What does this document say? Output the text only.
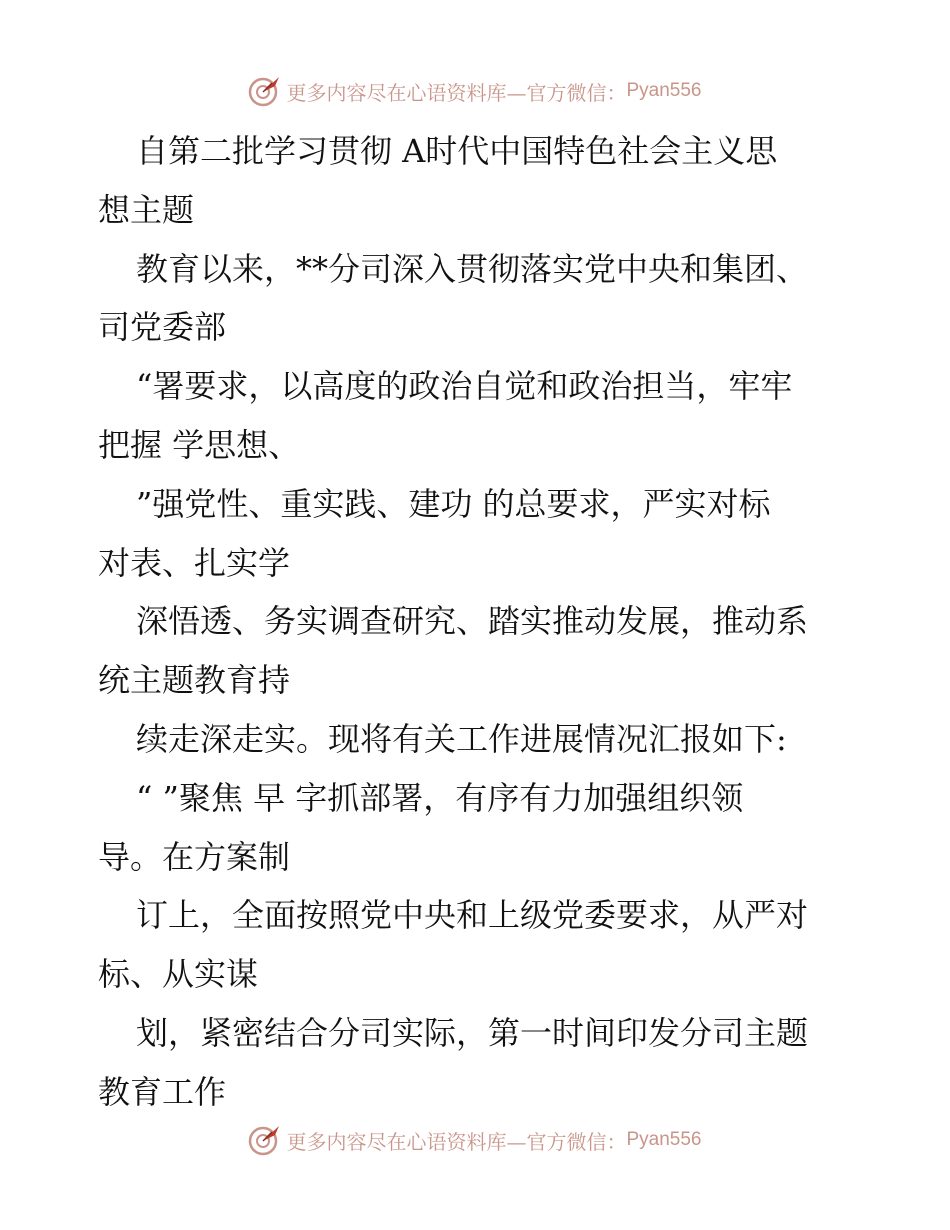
更多内容尽在心语资料库—官方微信： Pyan556
自第二批学习贯彻 A时代中国特色社会主义思
想主题
教育以来，**分司深入贯彻落实党中央和集团、
司党委部
“署要求，以高度的政治自觉和政治担当，牢牢
把握 学思想、
”强党性、重实践、建功 的总要求，严实对标
对表、扎实学
深悟透、务实调查研究、踏实推动发展，推动系
统主题教育持
续走深走实。现将有关工作进展情况汇报如下:
“ ”聚焦 早 字抓部署，有序有力加强组织领
导。在方案制
订上，全面按照党中央和上级党委要求，从严对
标、从实谋
划，紧密结合分司实际，第一时间印发分司主题
教育工作
更多内容尽在心语资料库—官方微信： Pyan556
